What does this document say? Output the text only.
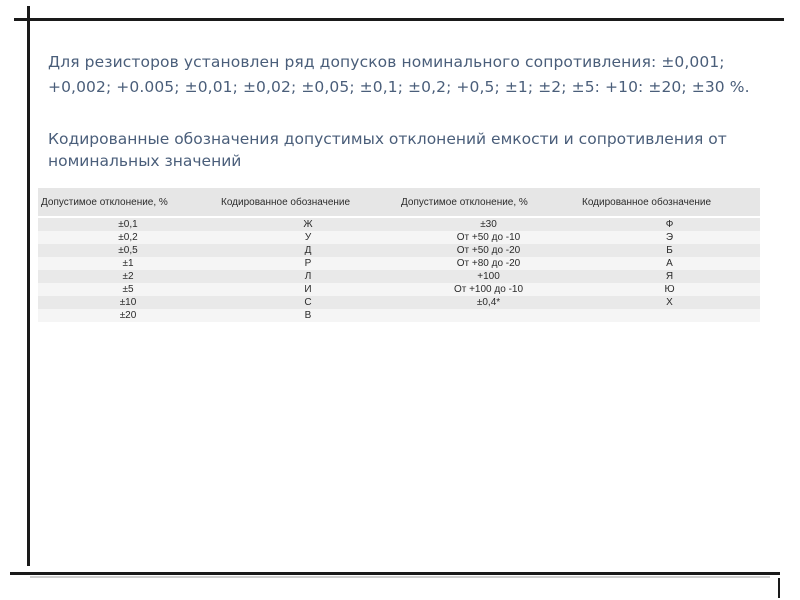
Для резисторов установлен ряд допусков номинального сопротивления: ±0,001; +0,002; +0.005; ±0,01; ±0,02; ±0,05; ±0,1; ±0,2; +0,5; ±1; ±2; ±5: +10: ±20; ±30 %.
Кодированные обозначения допустимых отклонений емкости и сопротивления от номинальных значений
Допустимое отклонение, %	Кодированное обозначение	Допустимое отклонение, %	Кодированное обозначение
±0,1	Ж	±30	Ф
±0,2	У	От +50 до -10	Э
±0,5	Д	От +50 до -20	Б
±1	Р	От +80 до -20	А
±2	Л	+100	Я
±5	И	От +100 до -10	Ю
±10	С	±0,4*	Х
±20	В		
